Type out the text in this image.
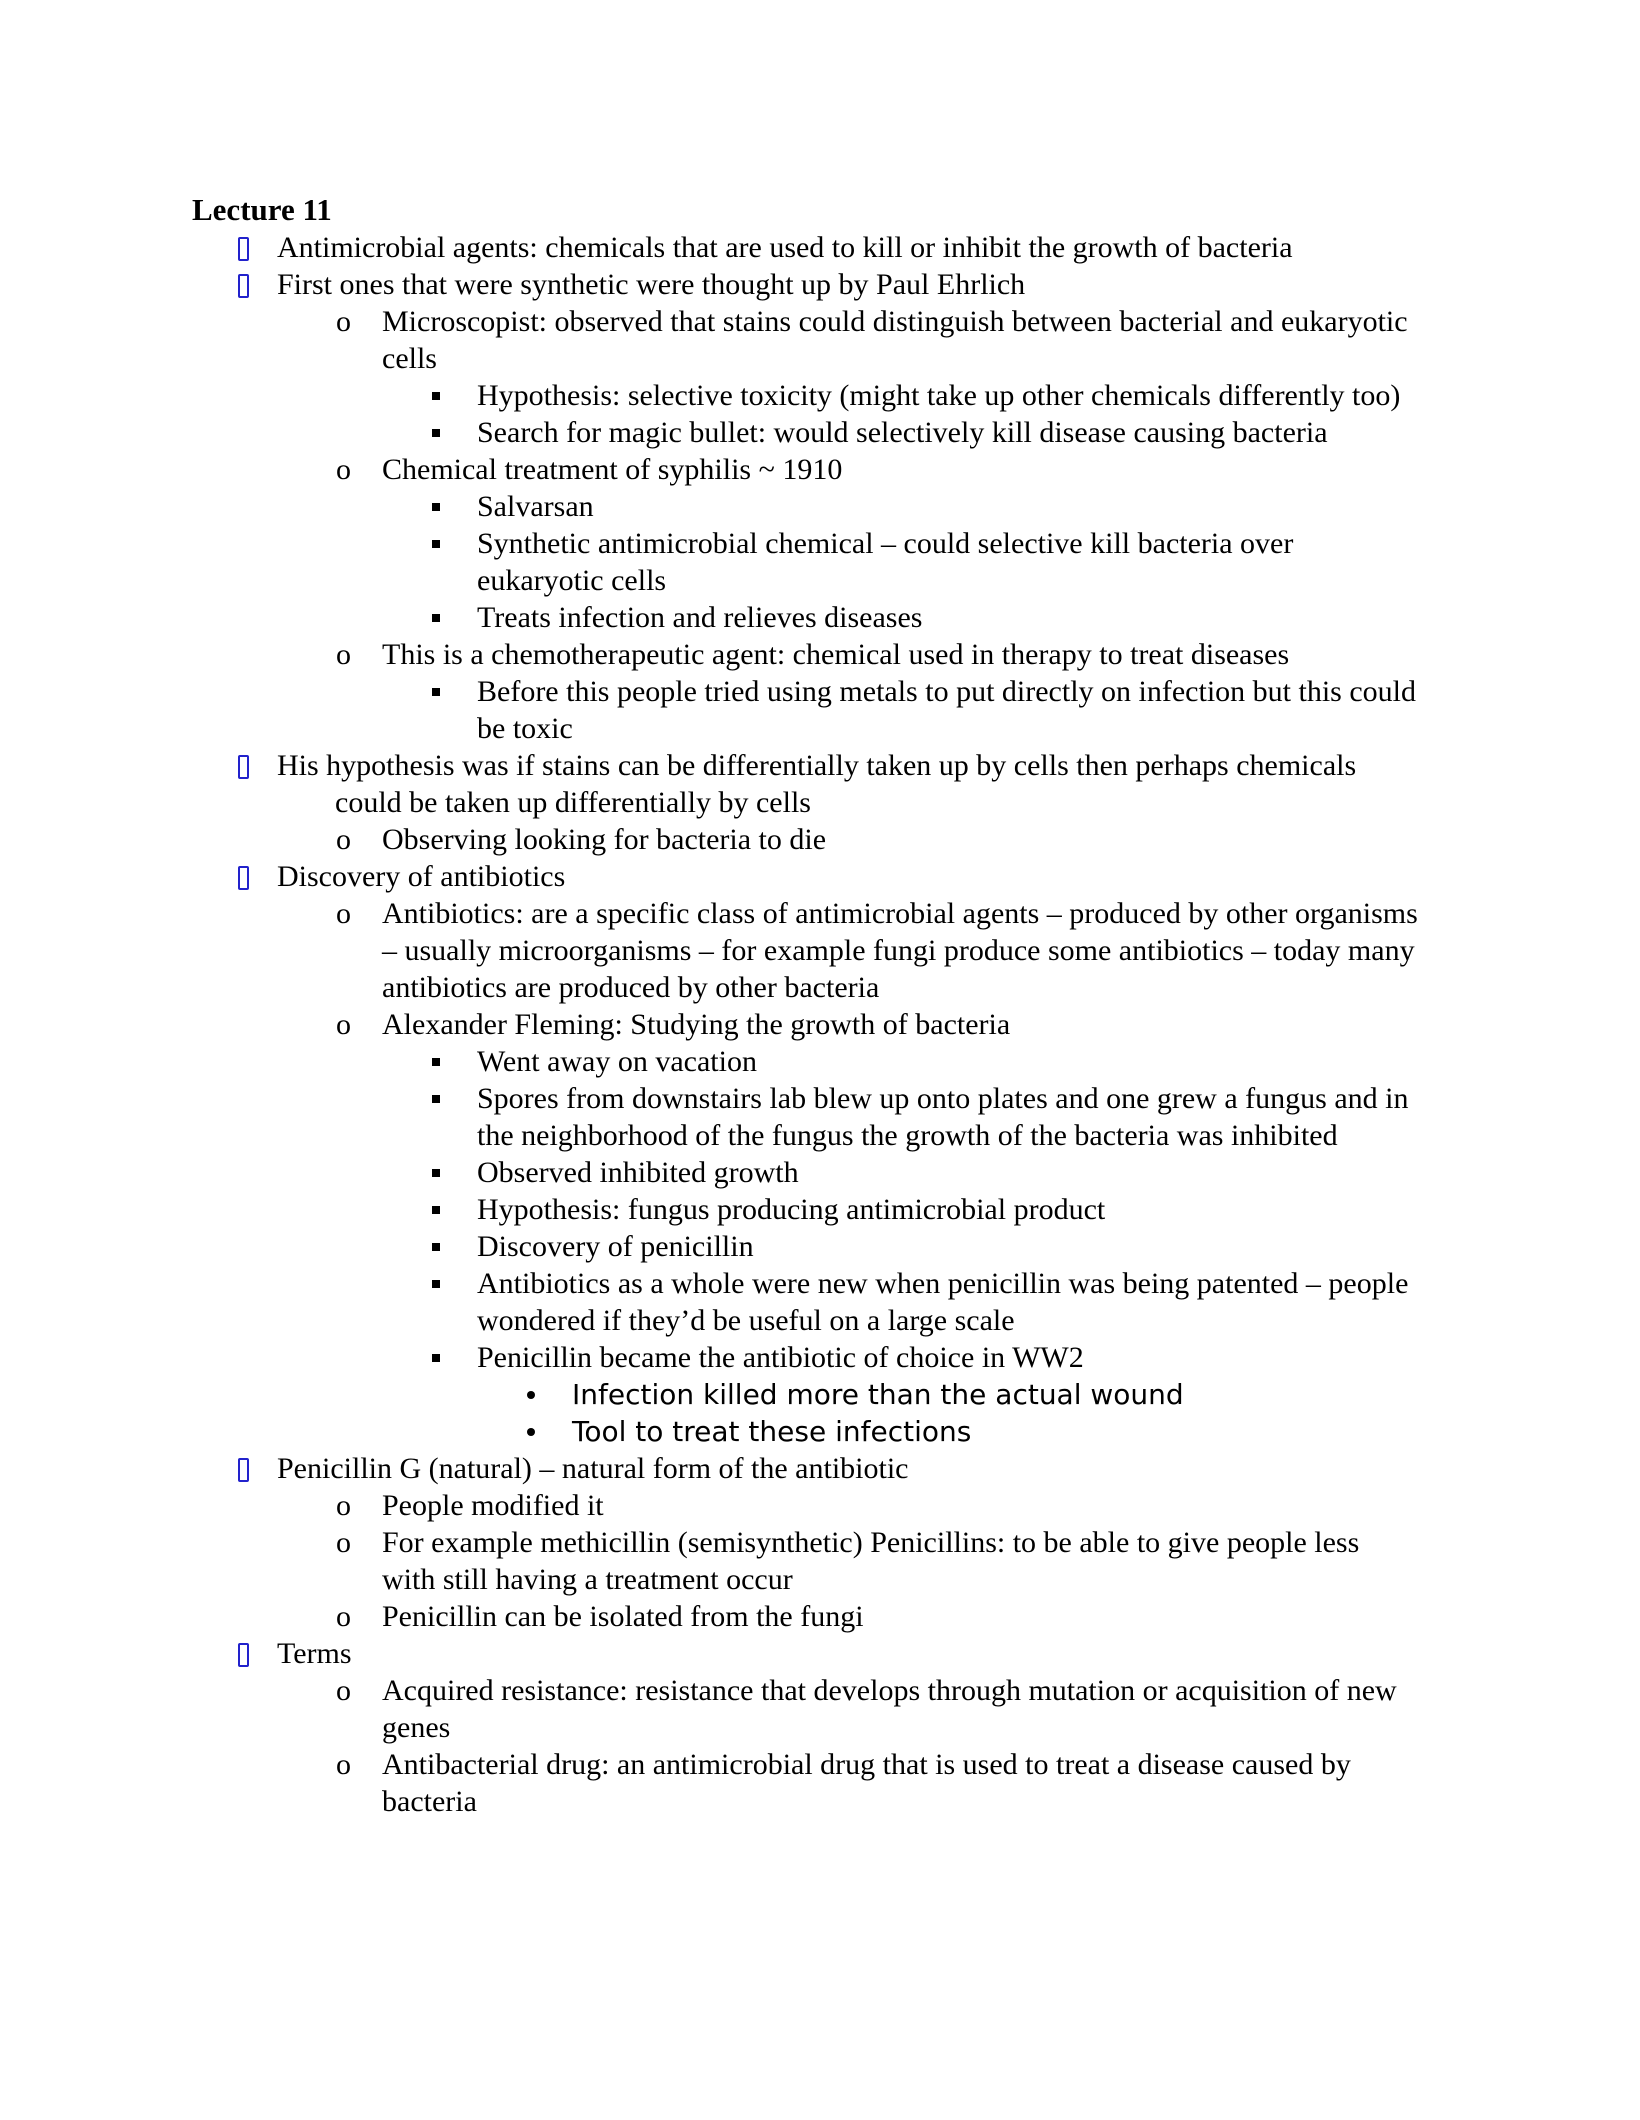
Lecture 11
Antimicrobial agents: chemicals that are used to kill or inhibit the growth of bacteria
First ones that were synthetic were thought up by Paul Ehrlich
o Microscopist: observed that stains could distinguish between bacterial and eukaryotic cells
Hypothesis: selective toxicity (might take up other chemicals differently too)
Search for magic bullet: would selectively kill disease causing bacteria
o Chemical treatment of syphilis ~ 1910
Salvarsan
Synthetic antimicrobial chemical – could selective kill bacteria over eukaryotic cells
Treats infection and relieves diseases
o This is a chemotherapeutic agent: chemical used in therapy to treat diseases
Before this people tried using metals to put directly on infection but this could be toxic
His hypothesis was if stains can be differentially taken up by cells then perhaps chemicals could be taken up differentially by cells
o Observing looking for bacteria to die
Discovery of antibiotics
o Antibiotics: are a specific class of antimicrobial agents – produced by other organisms – usually microorganisms – for example fungi produce some antibiotics – today many antibiotics are produced by other bacteria
o Alexander Fleming: Studying the growth of bacteria
Went away on vacation
Spores from downstairs lab blew up onto plates and one grew a fungus and in the neighborhood of the fungus the growth of the bacteria was inhibited
Observed inhibited growth
Hypothesis: fungus producing antimicrobial product
Discovery of penicillin
Antibiotics as a whole were new when penicillin was being patented – people wondered if they’d be useful on a large scale
Penicillin became the antibiotic of choice in WW2
Infection killed more than the actual wound
Tool to treat these infections
Penicillin G (natural) – natural form of the antibiotic
o People modified it
o For example methicillin (semisynthetic) Penicillins: to be able to give people less with still having a treatment occur
o Penicillin can be isolated from the fungi
Terms
o Acquired resistance: resistance that develops through mutation or acquisition of new genes
o Antibacterial drug: an antimicrobial drug that is used to treat a disease caused by bacteria
